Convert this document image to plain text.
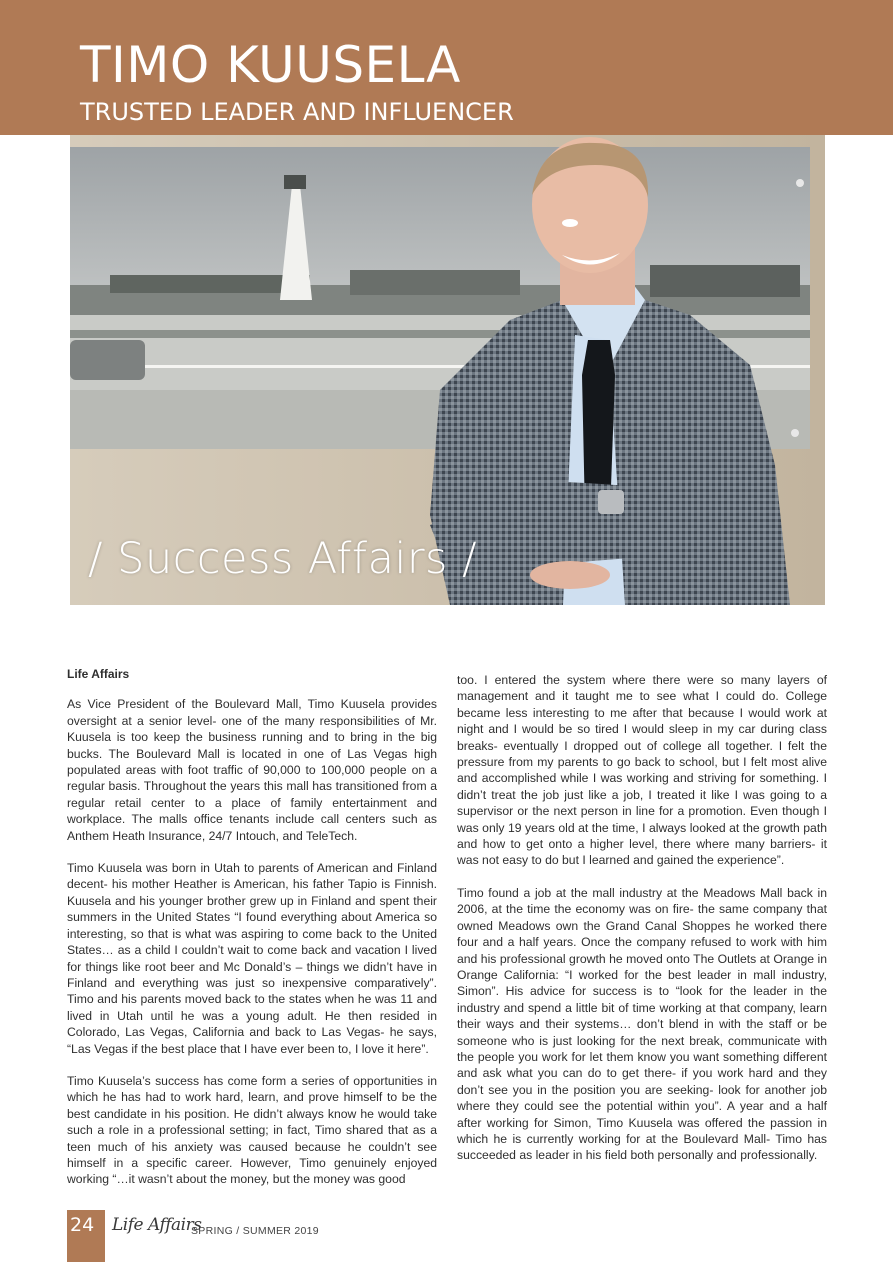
TIMO KUUSELA
TRUSTED LEADER AND INFLUENCER
/ Success Affairs /

Life Affairs

As Vice President of the Boulevard Mall, Timo Kuusela provides oversight at a senior level- one of the many responsibilities of Mr. Kuusela is too keep the business running and to bring in the big bucks. The Boulevard Mall is located in one of Las Vegas high populated areas with foot traffic of 90,000 to 100,000 people on a regular basis. Throughout the years this mall has transitioned from a regular retail center to a place of family entertainment and workplace. The malls office tenants include call centers such as Anthem Heath Insurance, 24/7 Intouch, and TeleTech.

Timo Kuusela was born in Utah to parents of American and Finland decent- his mother Heather is American, his father Tapio is Finnish. Kuusela and his younger brother grew up in Finland and spent their summers in the United States “I found everything about America so interesting, so that is what was aspiring to come back to the United States… as a child I couldn’t wait to come back and vacation I lived for things like root beer and Mc Donald’s – things we didn’t have in Finland and everything was just so inexpensive comparatively”. Timo and his parents moved back to the states when he was 11 and lived in Utah until he was a young adult. He then resided in Colorado, Las Vegas, California and back to Las Vegas- he says, “Las Vegas if the best place that I have ever been to, I love it here”.

Timo Kuusela’s success has come form a series of opportunities in which he has had to work hard, learn, and prove himself to be the best candidate in his position. He didn’t always know he would take such a role in a professional setting; in fact, Timo shared that as a teen much of his anxiety was caused because he couldn’t see himself in a specific career. However, Timo genuinely enjoyed working “…it wasn’t about the money, but the money was good

too. I entered the system where there were so many layers of management and it taught me to see what I could do. College became less interesting to me after that because I would work at night and I would be so tired I would sleep in my car during class breaks- eventually I dropped out of college all together. I felt the pressure from my parents to go back to school, but I felt most alive and accomplished while I was working and striving for something. I didn’t treat the job just like a job, I treated it like I was going to a supervisor or the next person in line for a promotion. Even though I was only 19 years old at the time, I always looked at the growth path and how to get onto a higher level, there where many barriers- it was not easy to do but I learned and gained the experience”.

Timo found a job at the mall industry at the Meadows Mall back in 2006, at the time the economy was on fire- the same company that owned Meadows own the Grand Canal Shoppes he worked there four and a half years. Once the company refused to work with him and his professional growth he moved onto The Outlets at Orange in Orange California: “I worked for the best leader in mall industry, Simon”. His advice for success is to “look for the leader in the industry and spend a little bit of time working at that company, learn their ways and their systems… don’t blend in with the staff or be someone who is just looking for the next break, communicate with the people you work for let them know you want something different and ask what you can do to get there- if you work hard and they don’t see you in the position you are seeking- look for another job where they could see the potential within you”. A year and a half after working for Simon, Timo Kuusela was offered the passion in which he is currently working for at the Boulevard Mall- Timo has succeeded as leader in his field both personally and professionally.

24 Life Affairs
SPRING / SUMMER 2019
